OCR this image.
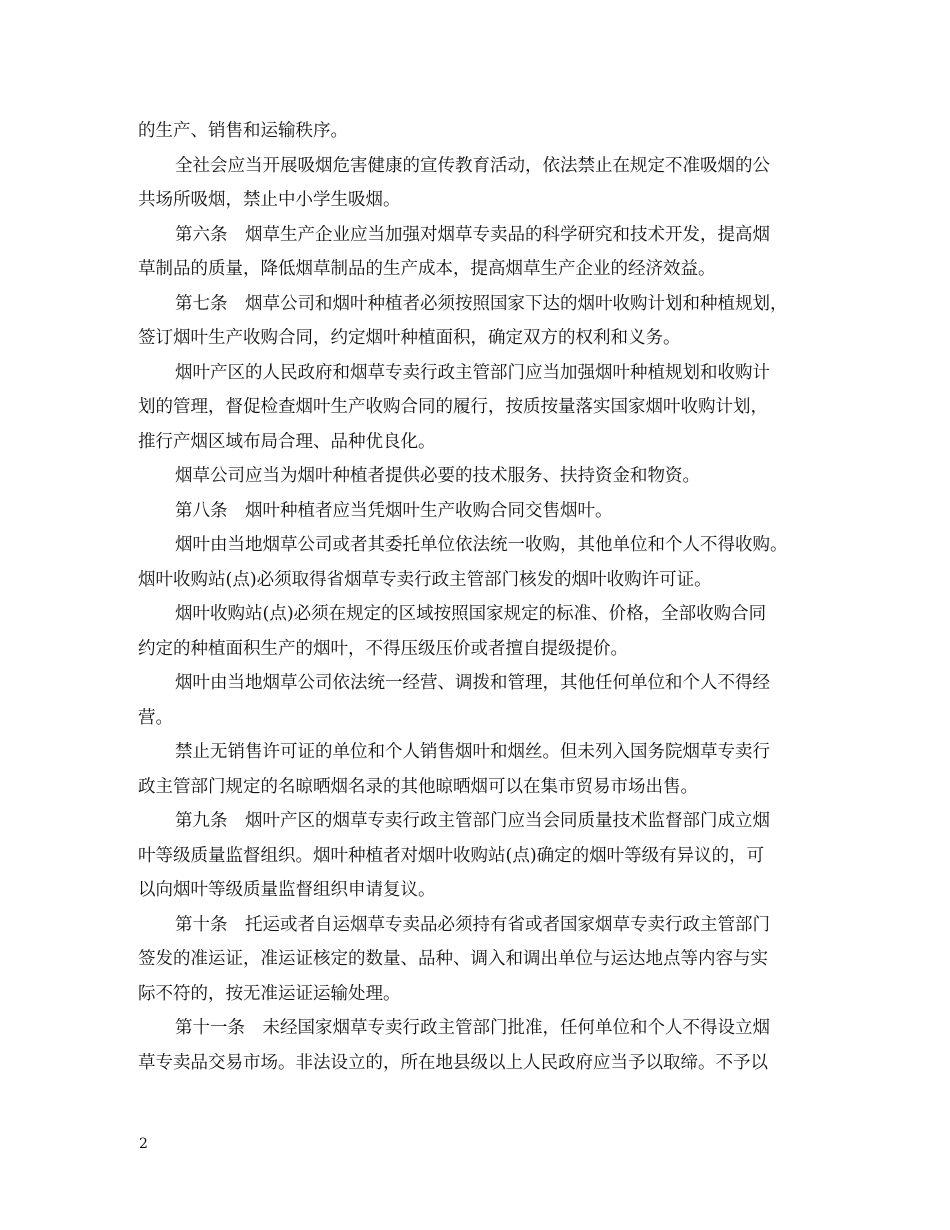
的生产、销售和运输秩序。
全社会应当开展吸烟危害健康的宣传教育活动，依法禁止在规定不准吸烟的公
共场所吸烟，禁止中小学生吸烟。
第六条　烟草生产企业应当加强对烟草专卖品的科学研究和技术开发，提高烟
草制品的质量，降低烟草制品的生产成本，提高烟草生产企业的经济效益。
第七条　烟草公司和烟叶种植者必须按照国家下达的烟叶收购计划和种植规划，
签订烟叶生产收购合同，约定烟叶种植面积，确定双方的权利和义务。
烟叶产区的人民政府和烟草专卖行政主管部门应当加强烟叶种植规划和收购计
划的管理，督促检查烟叶生产收购合同的履行，按质按量落实国家烟叶收购计划，
推行产烟区域布局合理、品种优良化。
烟草公司应当为烟叶种植者提供必要的技术服务、扶持资金和物资。
第八条　烟叶种植者应当凭烟叶生产收购合同交售烟叶。
烟叶由当地烟草公司或者其委托单位依法统一收购，其他单位和个人不得收购。
烟叶收购站(点)必须取得省烟草专卖行政主管部门核发的烟叶收购许可证。
烟叶收购站(点)必须在规定的区域按照国家规定的标准、价格，全部收购合同
约定的种植面积生产的烟叶，不得压级压价或者擅自提级提价。
烟叶由当地烟草公司依法统一经营、调拨和管理，其他任何单位和个人不得经
营。
禁止无销售许可证的单位和个人销售烟叶和烟丝。但未列入国务院烟草专卖行
政主管部门规定的名晾晒烟名录的其他晾晒烟可以在集市贸易市场出售。
第九条　烟叶产区的烟草专卖行政主管部门应当会同质量技术监督部门成立烟
叶等级质量监督组织。烟叶种植者对烟叶收购站(点)确定的烟叶等级有异议的，可
以向烟叶等级质量监督组织申请复议。
第十条　托运或者自运烟草专卖品必须持有省或者国家烟草专卖行政主管部门
签发的准运证，准运证核定的数量、品种、调入和调出单位与运达地点等内容与实
际不符的，按无准运证运输处理。
第十一条　未经国家烟草专卖行政主管部门批准，任何单位和个人不得设立烟
草专卖品交易市场。非法设立的，所在地县级以上人民政府应当予以取缔。不予以
2
